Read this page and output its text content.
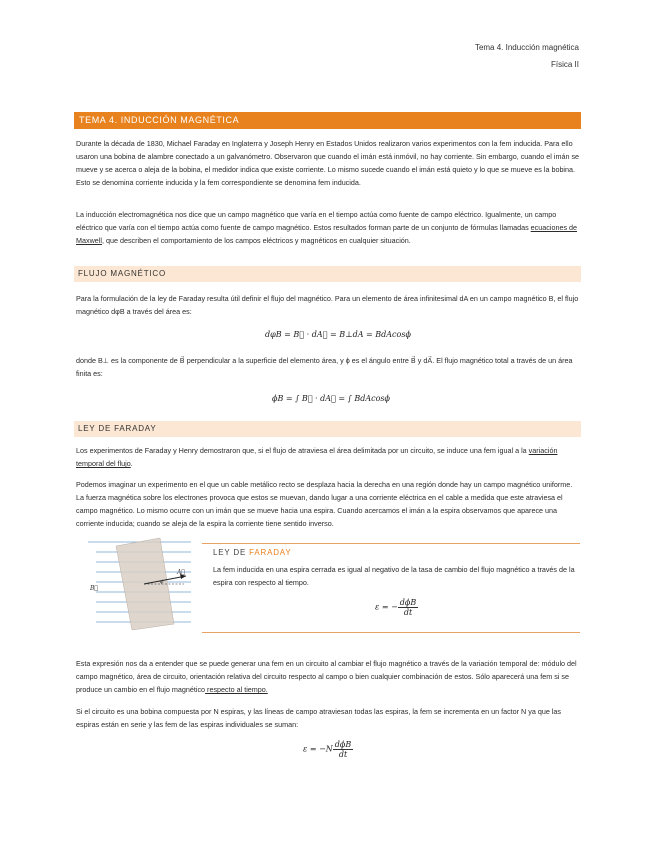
Tema 4. Inducción magnética
Física II
TEMA 4. INDUCCIÓN MAGNÉTICA

Durante la década de 1830, Michael Faraday en Inglaterra y Joseph Henry en Estados Unidos realizaron varios experimentos con la fem inducida. Para ello usaron una bobina de alambre conectado a un galvanómetro. Observaron que cuando el imán está inmóvil, no hay corriente. Sin embargo, cuando el imán se mueve y se acerca o aleja de la bobina, el medidor indica que existe corriente. Lo mismo sucede cuando el imán está quieto y lo que se mueve es la bobina. Esto se denomina corriente inducida y la fem correspondiente se denomina fem inducida.

La inducción electromagnética nos dice que un campo magnético que varía en el tiempo actúa como fuente de campo eléctrico. Igualmente, un campo eléctrico que varía con el tiempo actúa como fuente de campo magnético. Estos resultados forman parte de un conjunto de fórmulas llamadas ecuaciones de Maxwell, que describen el comportamiento de los campos eléctricos y magnéticos en cualquier situación.

FLUJO MAGNÉTICO

Para la formulación de la ley de Faraday resulta útil definir el flujo del magnético. Para un elemento de área infinitesimal dA en un campo magnético B, el flujo magnético dφB a través del área es:

dφB = B⃗ · dA⃗ = B⊥dA = BdAcosϕ

donde B⊥ es la componente de B⃗ perpendicular a la superficie del elemento área, y ϕ es el ángulo entre B⃗ y dA⃗. El flujo magnético total a través de un área finita es:

ϕB = ∫ B⃗ · dA⃗ = ∫ BdAcosϕ
LEY DE FARADAY

Los experimentos de Faraday y Henry demostraron que, si el flujo de atraviesa el área delimitada por un circuito, se induce una fem igual a la variación temporal del flujo.

Podemos imaginar un experimento en el que un cable metálico recto se desplaza hacia la derecha en una región donde hay un campo magnético uniforme. La fuerza magnética sobre los electrones provoca que estos se muevan, dando lugar a una corriente eléctrica en el cable a medida que este atraviesa el campo magnético. Lo mismo ocurre con un imán que se mueve hacia una espira. Cuando acercamos el imán a la espira observamos que aparece una corriente inducida; cuando se aleja de la espira la corriente tiene sentido inverso.

B⃗
A⃗
ϕ
LEY DE FARADAY
La fem inducida en una espira cerrada es igual al negativo de la tasa de cambio del flujo magnético a través de la espira con respecto al tiempo.
ε = − $\frac{\text{dϕB}}{dt}$

Esta expresión nos da a entender que se puede generar una fem en un circuito al cambiar el flujo magnético a través de la variación temporal de: módulo del campo magnético, área de circuito, orientación relativa del circuito respecto al campo o bien cualquier combinación de estos. Sólo aparecerá una fem si se produce un cambio en el flujo magnético respecto al tiempo.

Si el circuito es una bobina compuesta por N espiras, y las líneas de campo atraviesan todas las espiras, la fem se incrementa en un factor N ya que las espiras están en serie y las fem de las espiras individuales se suman:

$\varepsilon = -N \frac{\text{dϕB}}{dt}$
